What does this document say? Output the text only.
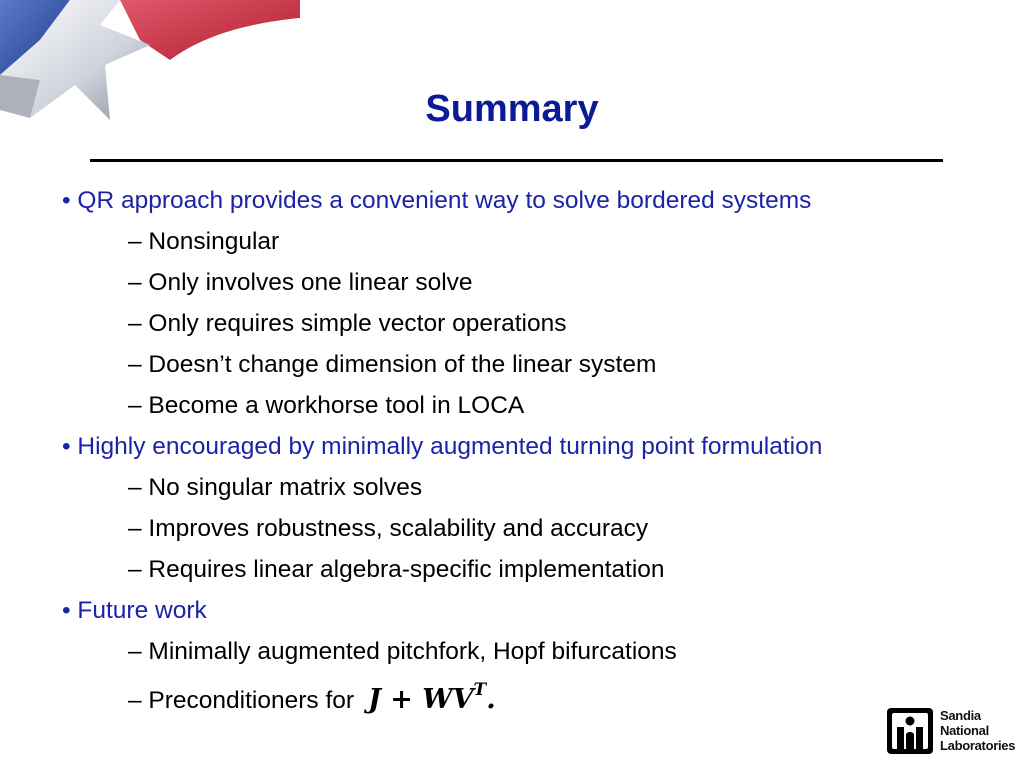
Summary
• QR approach provides a convenient way to solve bordered systems
– Nonsingular
– Only involves one linear solve
– Only requires simple vector operations
– Doesn’t change dimension of the linear system
– Become a workhorse tool in LOCA
• Highly encouraged by minimally augmented turning point formulation
– No singular matrix solves
– Improves robustness, scalability and accuracy
– Requires linear algebra-specific implementation
• Future work
– Minimally augmented pitchfork, Hopf bifurcations
– Preconditioners for $J + WV^T$.
Sandia
National
Laboratories
